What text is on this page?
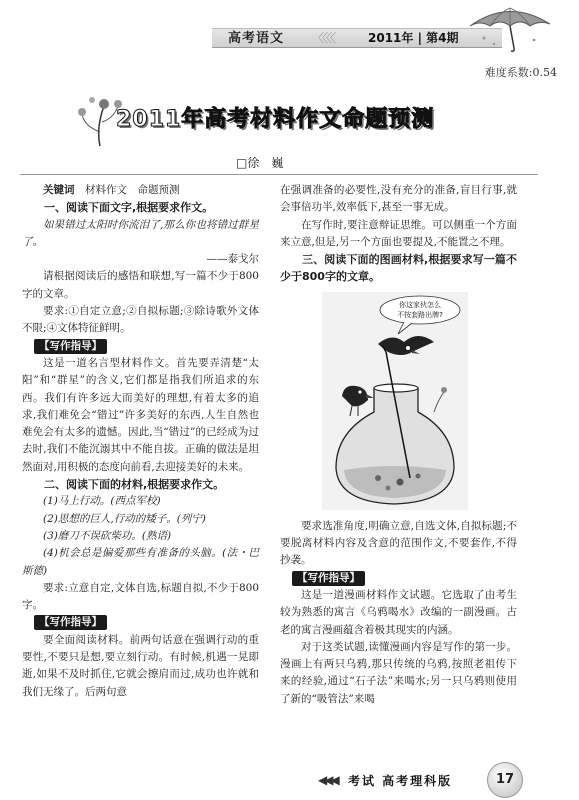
高考语文 〈〈〈〈	2011年 | 第4期
难度系数:0.54
2011年高考材料作文命题预测
□徐　巍

关键词　材料作文　命题预测

一、阅读下面文字,根据要求作文。

如果错过太阳时你流泪了,那么你也将错过群星了。

——泰戈尔

请根据阅读后的感悟和联想,写一篇不少于800字的文章。

要求:①自定立意;②自拟标题;③除诗歌外文体不限;④文体特征鲜明。

【写作指导】

这是一道名言型材料作文。首先要弄清楚“太阳”和“群星”的含义,它们都是指我们所追求的东西。我们有许多远大而美好的理想,有着太多的追求,我们难免会“错过”许多美好的东西,人生自然也难免会有太多的遗憾。因此,当“错过”的已经成为过去时,我们不能沉溺其中不能自拔。正确的做法是坦然面对,用积极的态度向前看,去迎接美好的未来。

二、阅读下面的材料,根据要求作文。

(1)马上行动。(西点军校)

(2)思想的巨人,行动的矮子。(列宁)

(3)磨刀不误砍柴功。(熟语)

(4)机会总是偏爱那些有准备的头脑。(法・巴斯德)

要求:立意自定,文体自选,标题自拟,不少于800字。

【写作指导】

要全面阅读材料。前两句话意在强调行动的重要性,不要只是想,要立刻行动。有时候,机遇一晃即逝,如果不及时抓住,它就会擦肩而过,成功也许就和我们无缘了。后两句意

在强调准备的必要性,没有充分的准备,盲目行事,就会事倍功半,效率低下,甚至一事无成。

在写作时,要注意辩证思维。可以侧重一个方面来立意,但是,另一个方面也要提及,不能置之不理。

三、阅读下面的图画材料,根据要求写一篇不少于800字的文章。

你这家伙怎么
不按套路出牌?

要求选准角度,明确立意,自选文体,自拟标题;不要脱离材料内容及含意的范围作文,不要套作,不得抄袭。

【写作指导】

这是一道漫画材料作文试题。它选取了由考生较为熟悉的寓言《乌鸦喝水》改编的一副漫画。古老的寓言漫画蕴含着极其现实的内涵。

对于这类试题,读懂漫画内容是写作的第一步。漫画上有两只乌鸦,那只传统的乌鸦,按照老祖传下来的经验,通过“石子法”来喝水;另一只乌鸦则使用了新的“吸管法”来喝

◀◀◀ 考试 高考理科版	17
